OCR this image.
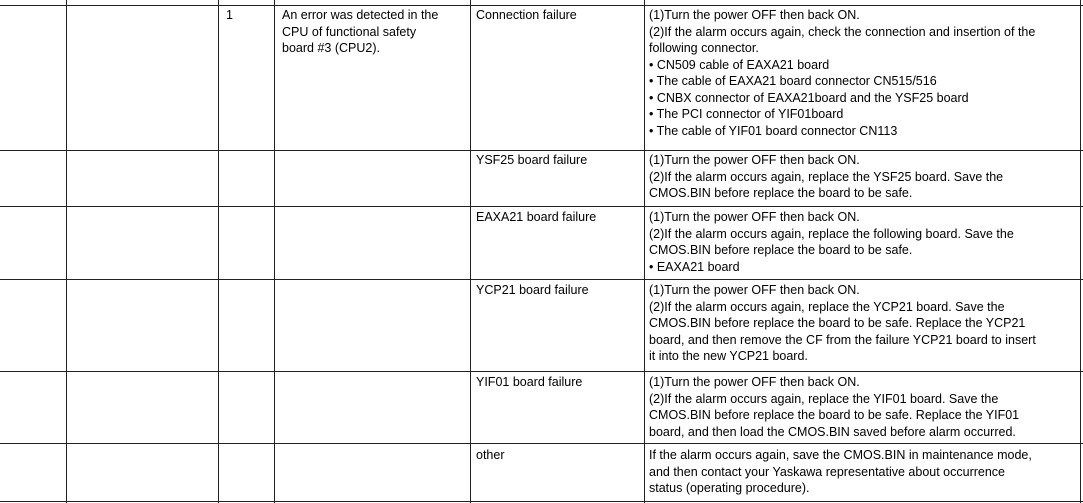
1	An error was detected in the
CPU of functional safety
board #3 (CPU2).
Connection failure	(1)Turn the power OFF then back ON.
(2)If the alarm occurs again, check the connection and insertion of the
following connector.
• CN509 cable of EAXA21 board
• The cable of EAXA21 board connector CN515/516
• CNBX connector of EAXA21board and the YSF25 board
• The PCI connector of YIF01board
• The cable of YIF01 board connector CN113
YSF25 board failure	(1)Turn the power OFF then back ON.
(2)If the alarm occurs again, replace the YSF25 board. Save the
CMOS.BIN before replace the board to be safe.
EAXA21 board failure	(1)Turn the power OFF then back ON.
(2)If the alarm occurs again, replace the following board. Save the
CMOS.BIN before replace the board to be safe.
• EAXA21 board
YCP21 board failure	(1)Turn the power OFF then back ON.
(2)If the alarm occurs again, replace the YCP21 board. Save the
CMOS.BIN before replace the board to be safe. Replace the YCP21
board, and then remove the CF from the failure YCP21 board to insert
it into the new YCP21 board.
YIF01 board failure	(1)Turn the power OFF then back ON.
(2)If the alarm occurs again, replace the YIF01 board. Save the
CMOS.BIN before replace the board to be safe. Replace the YIF01
board, and then load the CMOS.BIN saved before alarm occurred.
other	If the alarm occurs again, save the CMOS.BIN in maintenance mode,
and then contact your Yaskawa representative about occurrence
status (operating procedure).
